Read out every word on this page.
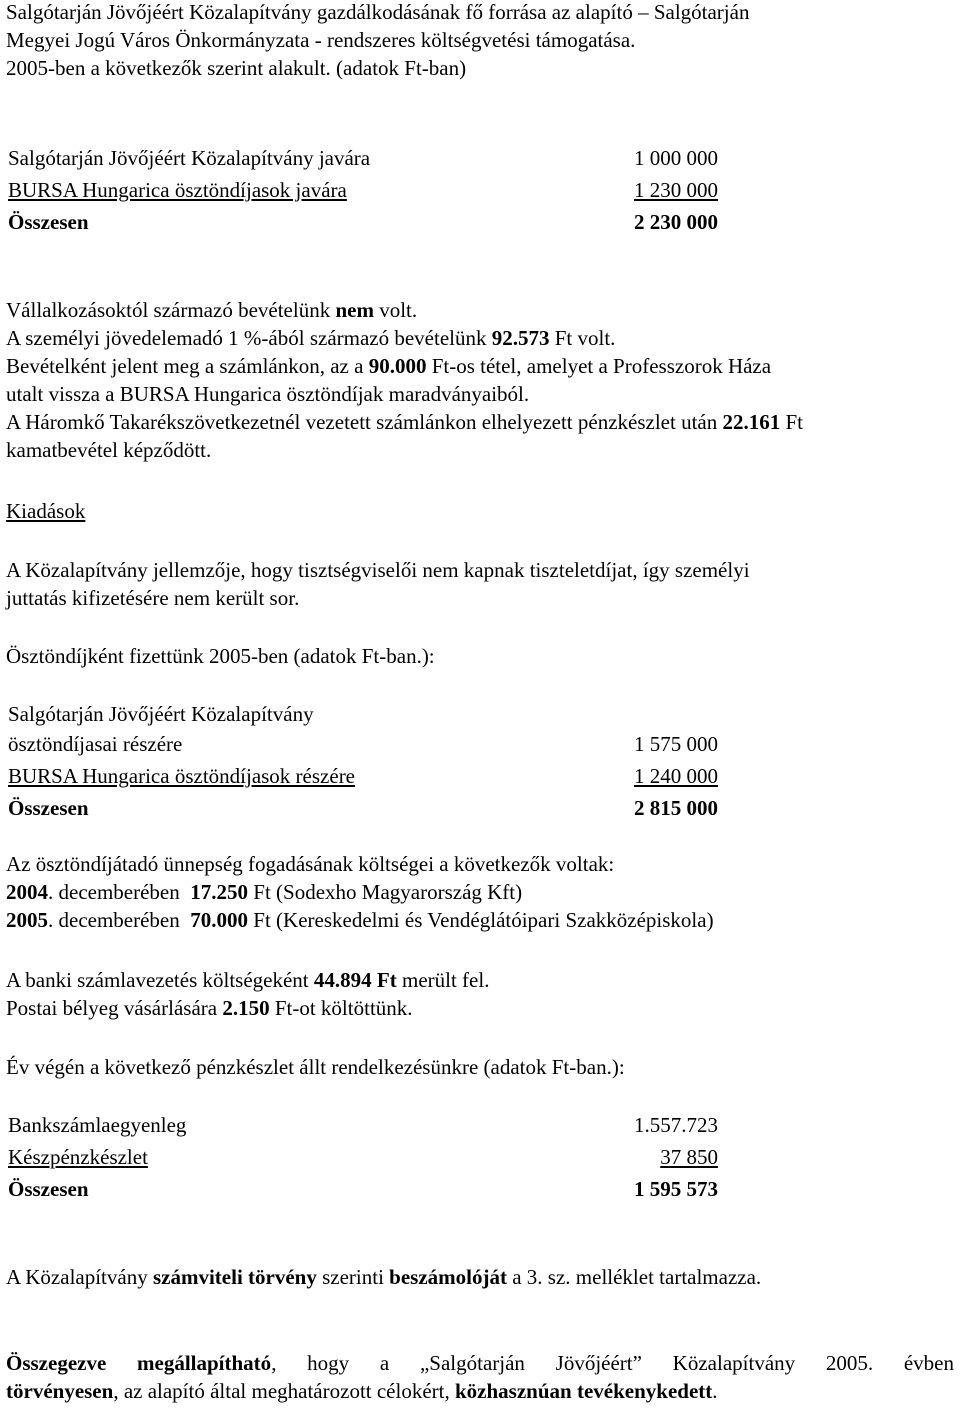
Salgótarján Jövőjéért Közalapítvány gazdálkodásának fő forrása az alapító – Salgótarján
Megyei Jogú Város Önkormányzata - rendszeres költségvetési támogatása.
2005-ben a következők szerint alakult. (adatok Ft-ban)
Salgótarján Jövőjéért Közalapítvány javára	1 000 000
BURSA Hungarica ösztöndíjasok javára	1 230 000
Összesen	2 230 000
Vállalkozásoktól származó bevételünk nem volt.
A személyi jövedelemadó 1 %-ából származó bevételünk 92.573 Ft volt.
Bevételként jelent meg a számlánkon, az a 90.000 Ft-os tétel, amelyet a Professzorok Háza
utalt vissza a BURSA Hungarica ösztöndíjak maradványaiból.
A Háromkő Takarékszövetkezetnél vezetett számlánkon elhelyezett pénzkészlet után 22.161 Ft
kamatbevétel képződött.
Kiadások
A Közalapítvány jellemzője, hogy tisztségviselői nem kapnak tiszteletdíjat, így személyi
juttatás kifizetésére nem került sor.
Ösztöndíjként fizettünk 2005-ben (adatok Ft-ban.):
Salgótarján Jövőjéért Közalapítvány
ösztöndíjasai részére	1 575 000
BURSA Hungarica ösztöndíjasok részére	1 240 000
Összesen	2 815 000
Az ösztöndíjátadó ünnepség fogadásának költségei a következők voltak:
2004. decemberében  17.250 Ft (Sodexho Magyarország Kft)
2005. decemberében  70.000 Ft (Kereskedelmi és Vendéglátóipari Szakközépiskola)
A banki számlavezetés költségeként 44.894 Ft merült fel.
Postai bélyeg vásárlására 2.150 Ft-ot költöttünk.
Év végén a következő pénzkészlet állt rendelkezésünkre (adatok Ft-ban.):
Bankszámlaegyenleg	1.557.723
Készpénzkészlet	37 850
Összesen	1 595 573
A Közalapítvány számviteli törvény szerinti beszámolóját a 3. sz. melléklet tartalmazza.

Összegezve megállapítható, hogy a „Salgótarján Jövőjéért” Közalapítvány 2005. évben

törvényesen, az alapító által meghatározott célokért, közhasznúan tevékenykedett.
